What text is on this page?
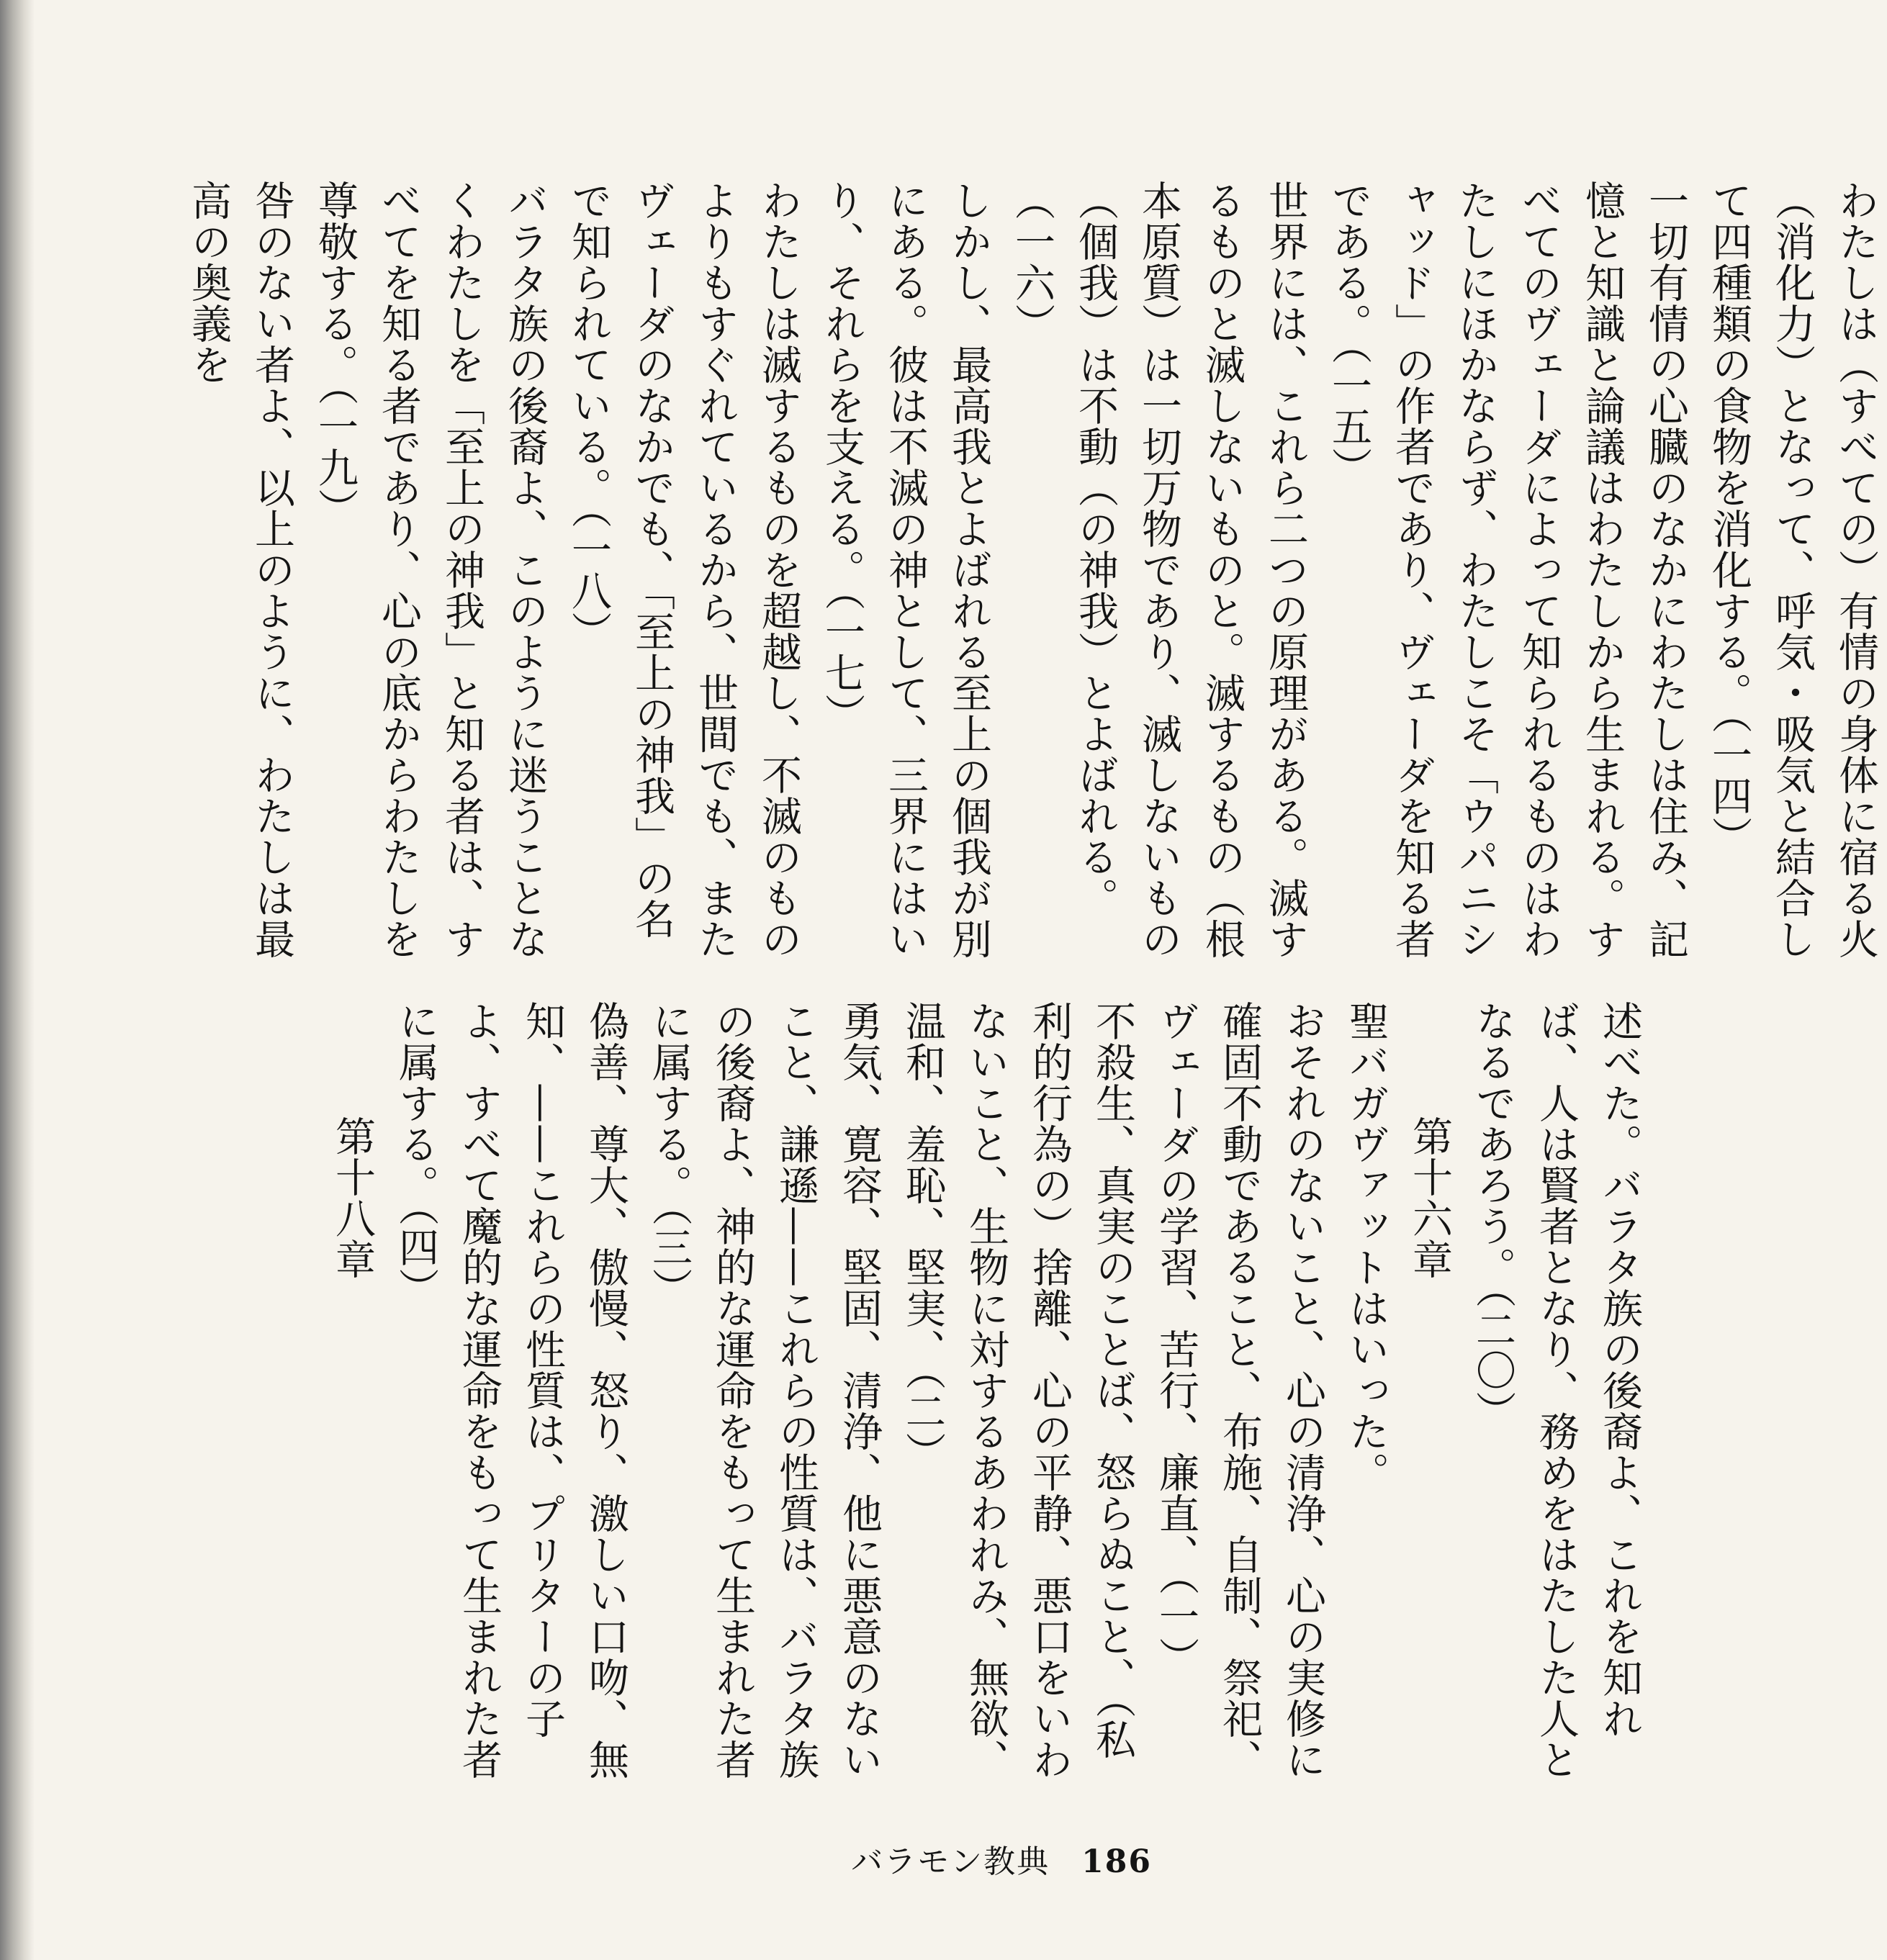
わたしは（すべての）有情の身体に宿る火（消化力）となって、呼気・吸気と結合して四種類の食物を消化する。（一四）
一切有情の心臓のなかにわたしは住み、記憶と知識と論議はわたしから生まれる。すべてのヴェーダによって知られるものはわたしにほかならず、わたしこそ「ウパニシャッド」の作者であり、ヴェーダを知る者である。（一五）
世界には、これら二つの原理がある。滅するものと滅しないものと。滅するもの（根本原質）は一切万物であり、滅しないもの（個我）は不動（の神我）とよばれる。（一六）
しかし、最高我とよばれる至上の個我が別にある。彼は不滅の神として、三界にはいり、それらを支える。（一七）
わたしは滅するものを超越し、不滅のものよりもすぐれているから、世間でも、またヴェーダのなかでも、「至上の神我」の名で知られている。（一八）
バラタ族の後裔よ、このように迷うことなくわたしを「至上の神我」と知る者は、すべてを知る者であり、心の底からわたしを尊敬する。（一九）
咎のない者よ、以上のように、わたしは最高の奥義を
述べた。バラタ族の後裔よ、これを知れば、人は賢者となり、務めをはたした人となるであろう。（二〇）
第十六章
聖バガヴァットはいった。
おそれのないこと、心の清浄、心の実修に確固不動であること、布施、自制、祭祀、ヴェーダの学習、苦行、廉直、（一）
不殺生、真実のことば、怒らぬこと、（私利的行為の）捨離、心の平静、悪口をいわないこと、生物に対するあわれみ、無欲、温和、羞恥、堅実、（二）
勇気、寛容、堅固、清浄、他に悪意のないこと、謙遜——これらの性質は、バラタ族の後裔よ、神的な運命をもって生まれた者に属する。（三）
偽善、尊大、傲慢、怒り、激しい口吻、無知、——これらの性質は、プリターの子よ、すべて魔的な運命をもって生まれた者に属する。（四）
第十八章
バラモン教典 186
